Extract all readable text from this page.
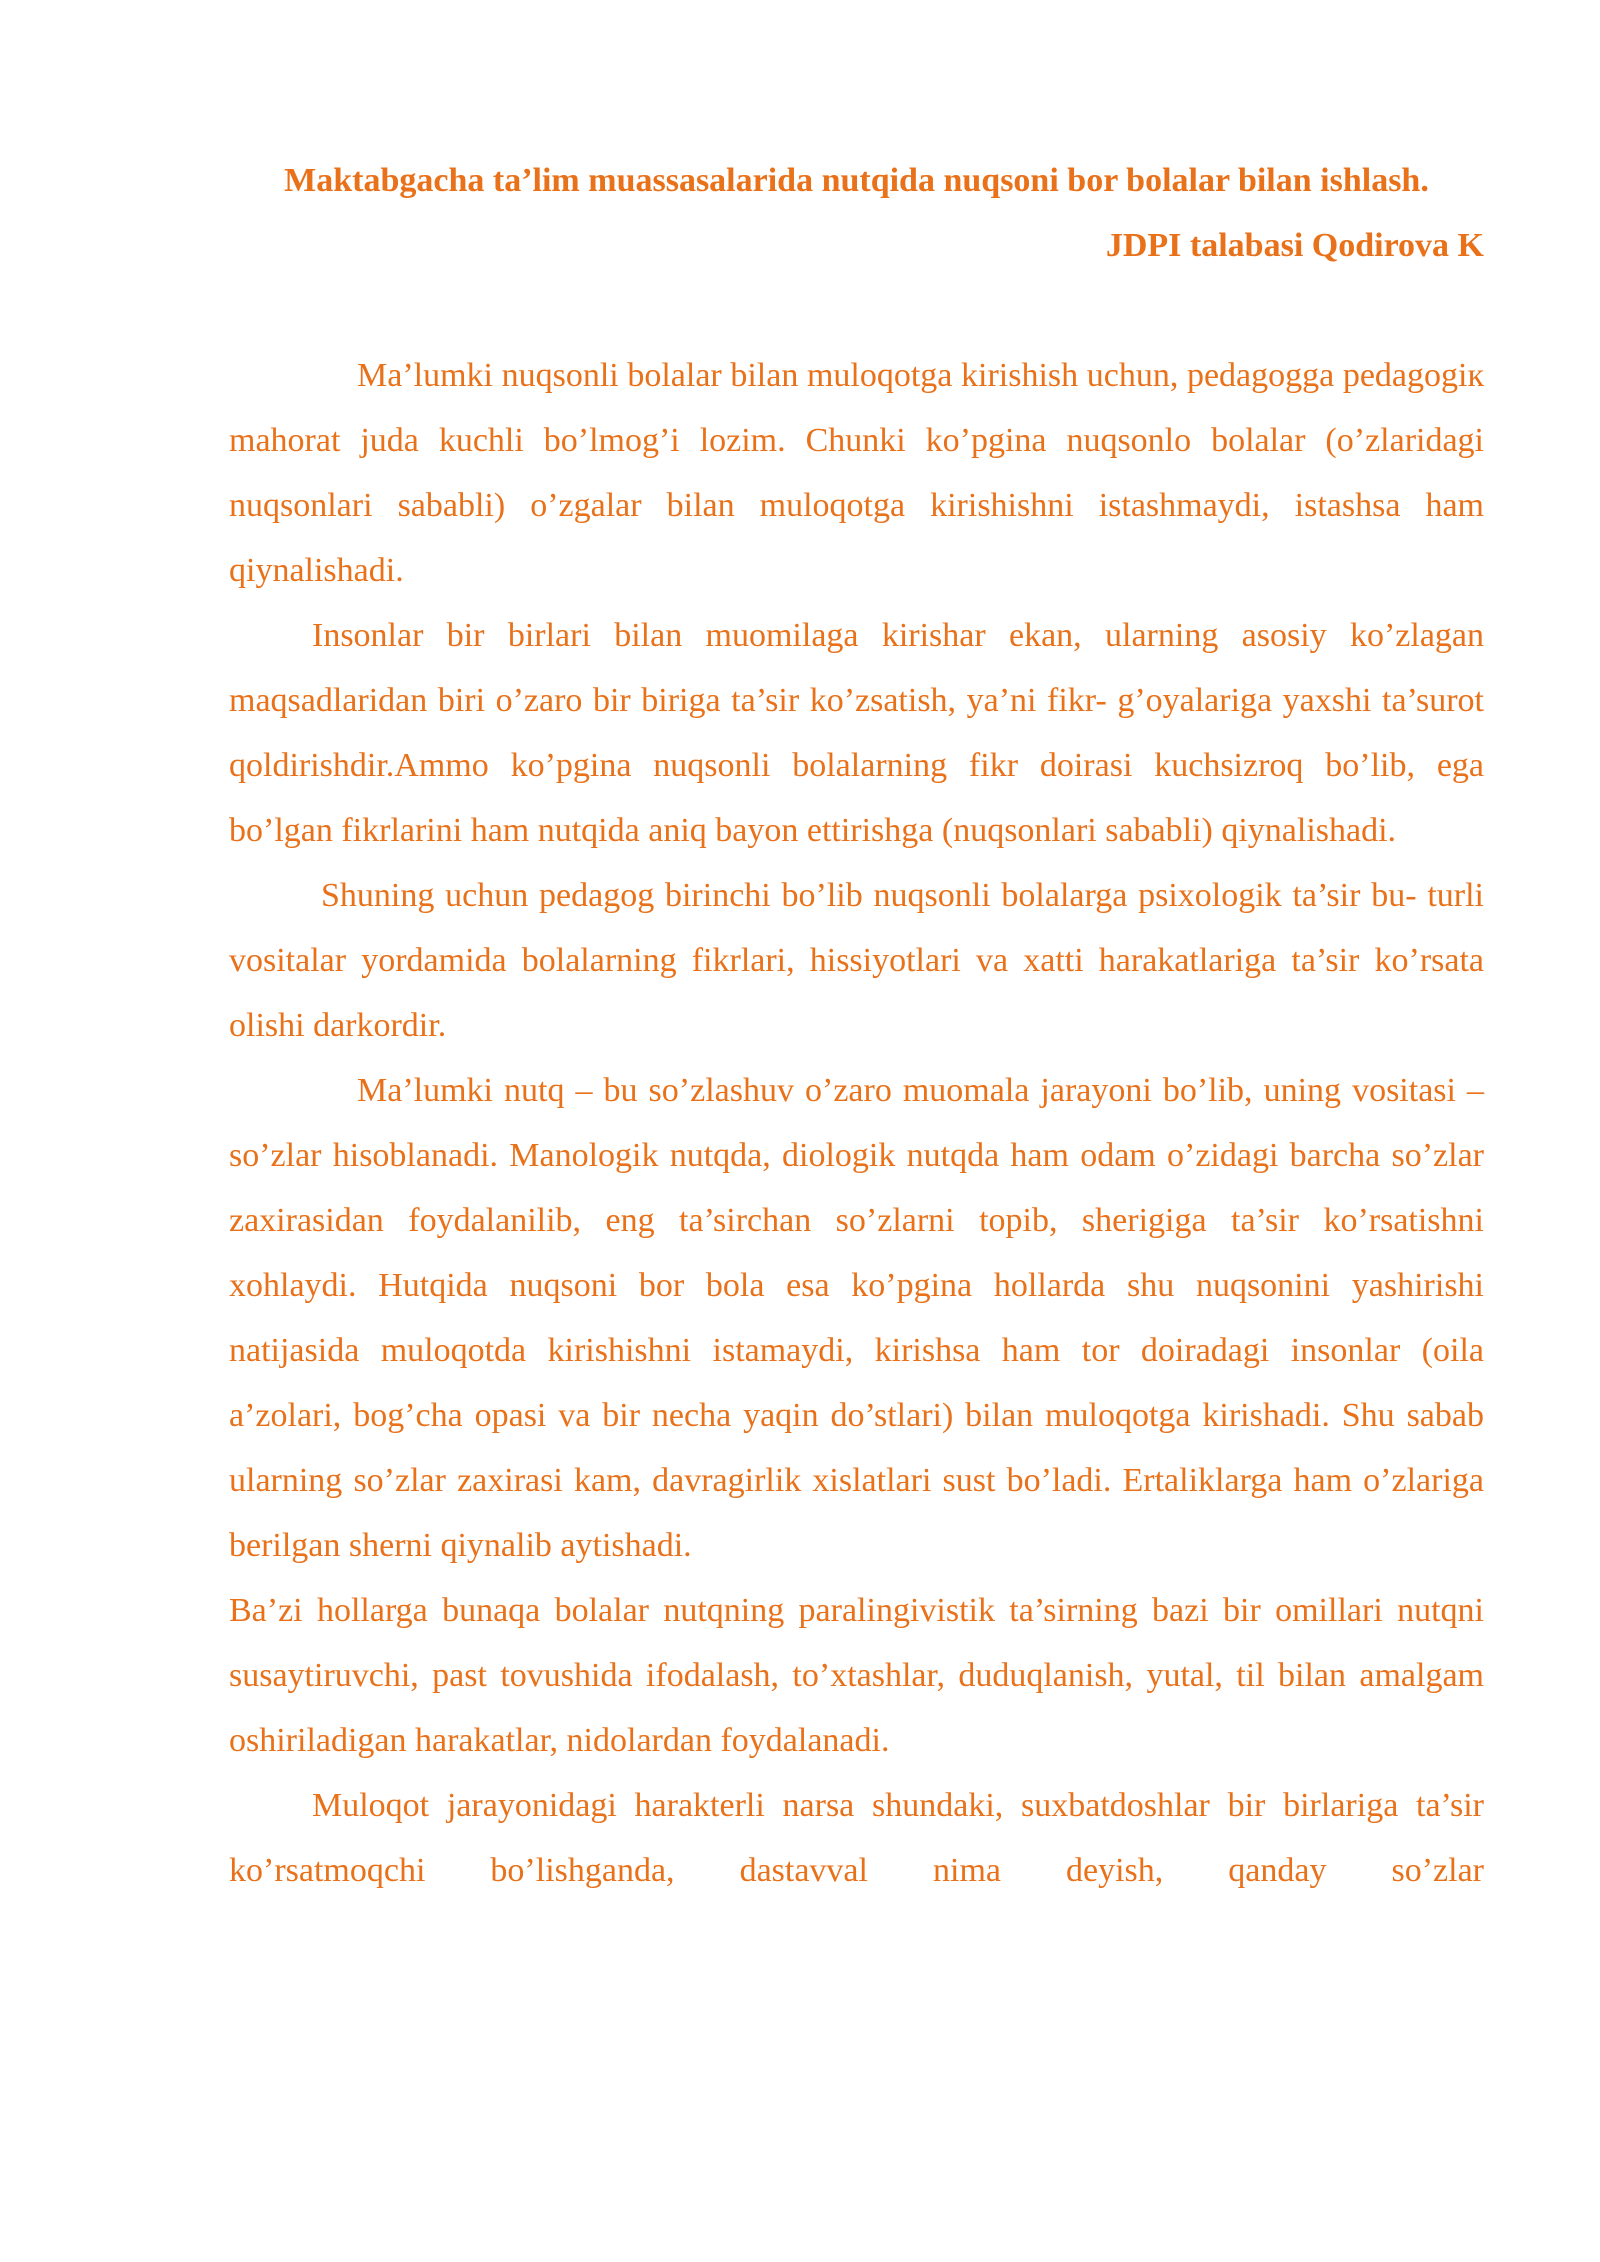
Maktabgacha ta’lim muassasalarida nutqida nuqsoni bor bolalar bilan ishlash.

JDPI talabasi Qodirova K

Ma’lumki nuqsonli bolalar bilan muloqotga kirishish uchun, pedagogga pedagogiк mahorat juda kuchli bo’lmog’i lozim. Chunki ko’pgina nuqsonlo bolalar (o’zlaridagi nuqsonlari sababli) o’zgalar bilan muloqotga kirishishni istashmaydi, istashsa ham qiynalishadi.

Insonlar bir birlari bilan muomilaga kirishar ekan, ularning asosiy ko’zlagan maqsadlaridan biri o’zaro bir biriga ta’sir ko’zsatish, ya’ni fikr- g’oyalariga yaxshi ta’surot qoldirishdir.Ammo ko’pgina nuqsonli bolalarning fikr doirasi kuchsizroq bo’lib, ega bo’lgan fikrlarini ham nutqida aniq bayon ettirishga (nuqsonlari sababli) qiynalishadi.

Shuning uchun pedagog birinchi bo’lib nuqsonli bolalarga psixologik ta’sir bu- turli vositalar yordamida bolalarning fikrlari, hissiyotlari va xatti harakatlariga ta’sir ko’rsata olishi darkordir.

Ma’lumki nutq – bu so’zlashuv o’zaro muomala jarayoni bo’lib, uning vositasi –so’zlar hisoblanadi. Manologik nutqda, diologik nutqda ham odam o’zidagi barcha so’zlar zaxirasidan foydalanilib, eng ta’sirchan so’zlarni topib, sherigiga ta’sir ko’rsatishni xohlaydi. Hutqida nuqsoni bor bola esa ko’pgina hollarda shu nuqsonini yashirishi natijasida muloqotda kirishishni istamaydi, kirishsa ham tor doiradagi insonlar (oila a’zolari, bog’cha opasi va bir necha yaqin do’stlari) bilan muloqotga kirishadi. Shu sabab ularning so’zlar zaxirasi kam, davragirlik xislatlari sust bo’ladi. Ertaliklarga ham o’zlariga berilgan sherni qiynalib aytishadi.

Ba’zi hollarga bunaqa bolalar nutqning paralingivistik ta’sirning bazi bir omillari nutqni susaytiruvchi, past tovushida ifodalash, to’xtashlar, duduqlanish, yutal, til bilan amalgam oshiriladigan harakatlar, nidolardan foydalanadi.

Muloqot jarayonidagi harakterli narsa shundaki, suxbatdoshlar bir birlariga ta’sir ko’rsatmoqchi bo’lishganda, dastavval nima deyish, qanday so’zlar
